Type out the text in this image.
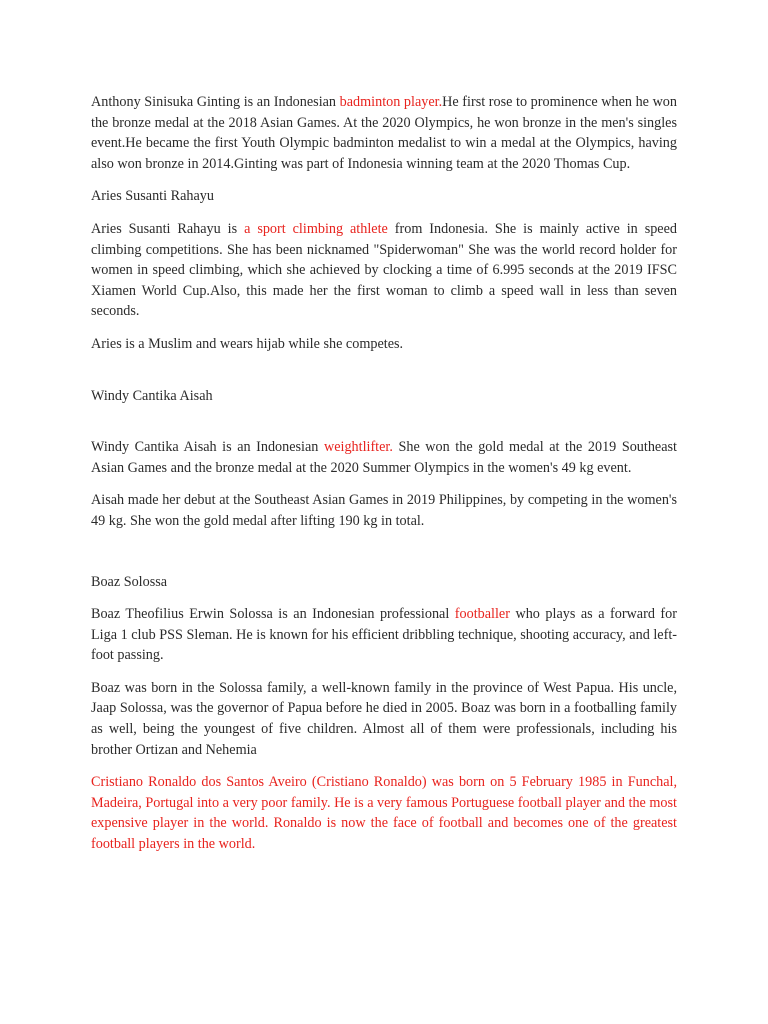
Anthony Sinisuka Ginting is an Indonesian badminton player.He first rose to prominence when he won the bronze medal at the 2018 Asian Games. At the 2020 Olympics, he won bronze in the men's singles event.He became the first Youth Olympic badminton medalist to win a medal at the Olympics, having also won bronze in 2014.Ginting was part of Indonesia winning team at the 2020 Thomas Cup.

Aries Susanti Rahayu

Aries Susanti Rahayu is a sport climbing athlete from Indonesia. She is mainly active in speed climbing competitions. She has been nicknamed "Spiderwoman" She was the world record holder for women in speed climbing, which she achieved by clocking a time of 6.995 seconds at the 2019 IFSC Xiamen World Cup.Also, this made her the first woman to climb a speed wall in less than seven seconds.

Aries is a Muslim and wears hijab while she competes.

Windy Cantika Aisah

Windy Cantika Aisah is an Indonesian weightlifter. She won the gold medal at the 2019 Southeast Asian Games and the bronze medal at the 2020 Summer Olympics in the women's 49 kg event.

Aisah made her debut at the Southeast Asian Games in 2019 Philippines, by competing in the women's 49 kg. She won the gold medal after lifting 190 kg in total.

Boaz Solossa

Boaz Theofilius Erwin Solossa is an Indonesian professional footballer who plays as a forward for Liga 1 club PSS Sleman. He is known for his efficient dribbling technique, shooting accuracy, and left-foot passing.

Boaz was born in the Solossa family, a well-known family in the province of West Papua. His uncle, Jaap Solossa, was the governor of Papua before he died in 2005. Boaz was born in a footballing family as well, being the youngest of five children. Almost all of them were professionals, including his brother Ortizan and Nehemia

Cristiano Ronaldo dos Santos Aveiro (Cristiano Ronaldo) was born on 5 February 1985 in Funchal, Madeira, Portugal into a very poor family. He is a very famous Portuguese football player and the most expensive player in the world. Ronaldo is now the face of football and becomes one of the greatest football players in the world.
